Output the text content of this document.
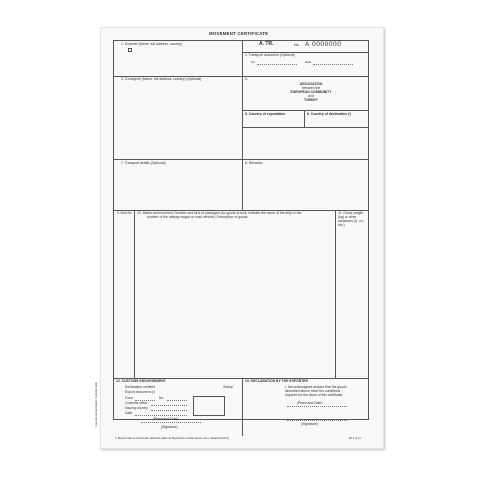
MOVEMENT CERTIFICATE
1. Exporter (Name, full address, country)	A. TR.	No A 0000000
2. Transport document (Optional)
No	Date
3. Consignee (Name, full address, country) (Optional)	4.
ASSOCIATION
between the
EUROPEAN COMMUNITY
and
TURKEY
5. Country of exportation	6. Country of destination (¹)
7. Transport details (Optional)	8. Remarks
9. Item No. 10. Marks and numbers; Number and kind of packages (for goods in bulk, indicate the name of the ship or the
number of the railway wagon or road vehicle); Description of goods
11. Gross weight (kg) or other measures (lt., m³, etc.)
12. CUSTOMS ENDORSEMENT
Declaration certified
Export document (²)
Stamp
Form	No
Customs office
Issuing country
Date
(Place and Date)
(Signature)
13. DECLARATION BY THE EXPORTER
I, the undersigned declare that the goods described above meet the conditions required for the issue of this certificate.
(Place and Date)
(Signature)
Customs nomenclature / Gümrük tarife
1. Beyanlı olan ve ilerlenecek yabhanel şişkim ile Beyahısannı anlaşmasına. Aslı + Metali kontül (0)	Ek 4 (I) / F
